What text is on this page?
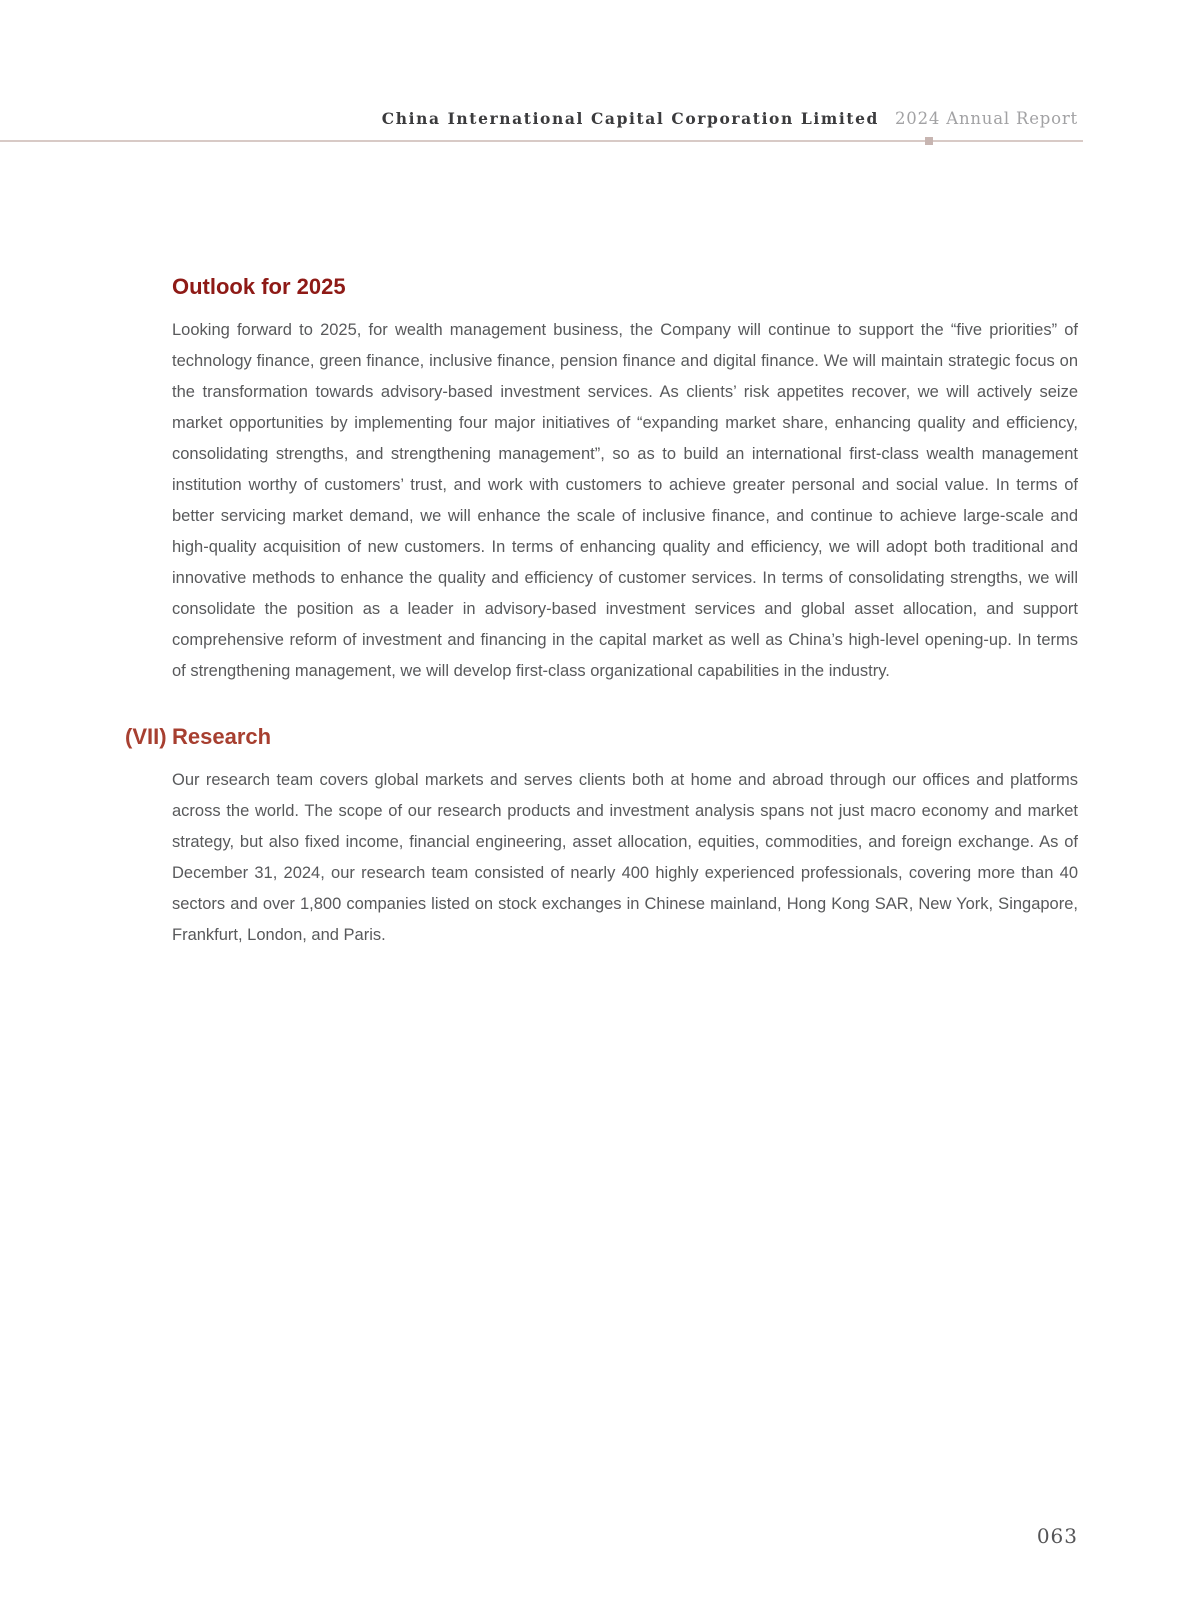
China International Capital Corporation Limited 2024 Annual Report
Outlook for 2025

Looking forward to 2025, for wealth management business, the Company will continue to support the “five priorities” of technology finance, green finance, inclusive finance, pension finance and digital finance. We will maintain strategic focus on the transformation towards advisory-based investment services. As clients’ risk appetites recover, we will actively seize market opportunities by implementing four major initiatives of “expanding market share, enhancing quality and efficiency, consolidating strengths, and strengthening management”, so as to build an international first-class wealth management institution worthy of customers’ trust, and work with customers to achieve greater personal and social value. In terms of better servicing market demand, we will enhance the scale of inclusive finance, and continue to achieve large-scale and high-quality acquisition of new customers. In terms of enhancing quality and efficiency, we will adopt both traditional and innovative methods to enhance the quality and efficiency of customer services. In terms of consolidating strengths, we will consolidate the position as a leader in advisory-based investment services and global asset allocation, and support comprehensive reform of investment and financing in the capital market as well as China’s high-level opening-up. In terms of strengthening management, we will develop first-class organizational capabilities in the industry.

(VII) Research

Our research team covers global markets and serves clients both at home and abroad through our offices and platforms across the world. The scope of our research products and investment analysis spans not just macro economy and market strategy, but also fixed income, financial engineering, asset allocation, equities, commodities, and foreign exchange. As of December 31, 2024, our research team consisted of nearly 400 highly experienced professionals, covering more than 40 sectors and over 1,800 companies listed on stock exchanges in Chinese mainland, Hong Kong SAR, New York, Singapore, Frankfurt, London, and Paris.

063
